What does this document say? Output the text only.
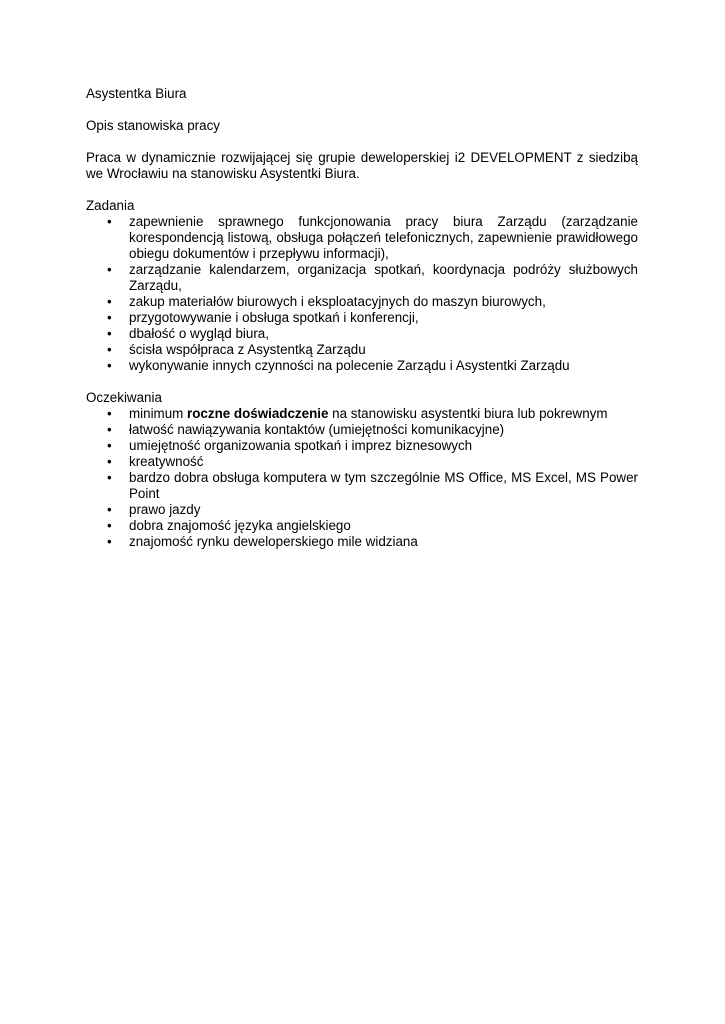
Asystentka Biura

Opis stanowiska pracy

Praca w dynamicznie rozwijającej się grupie deweloperskiej i2 DEVELOPMENT z siedzibą we Wrocławiu na stanowisku Asystentki Biura.

Zadania

•	zapewnienie sprawnego funkcjonowania pracy biura Zarządu (zarządzanie korespondencją listową, obsługa połączeń telefonicznych, zapewnienie prawidłowego obiegu dokumentów i przepływu informacji),
•	zarządzanie kalendarzem, organizacja spotkań, koordynacja podróży służbowych Zarządu,
•	zakup materiałów biurowych i eksploatacyjnych do maszyn biurowych,
•	przygotowywanie i obsługa spotkań i konferencji,
•	dbałość o wygląd biura,
•	ścisła współpraca z Asystentką Zarządu
•	wykonywanie innych czynności na polecenie Zarządu i Asystentki Zarządu

Oczekiwania

•	minimum roczne doświadczenie na stanowisku asystentki biura lub pokrewnym
•	łatwość nawiązywania kontaktów (umiejętności komunikacyjne)
•	umiejętność organizowania spotkań i imprez biznesowych
•	kreatywność
•	bardzo dobra obsługa komputera w tym szczególnie MS Office, MS Excel, MS Power Point
•	prawo jazdy
•	dobra znajomość języka angielskiego
•	znajomość rynku deweloperskiego mile widziana
